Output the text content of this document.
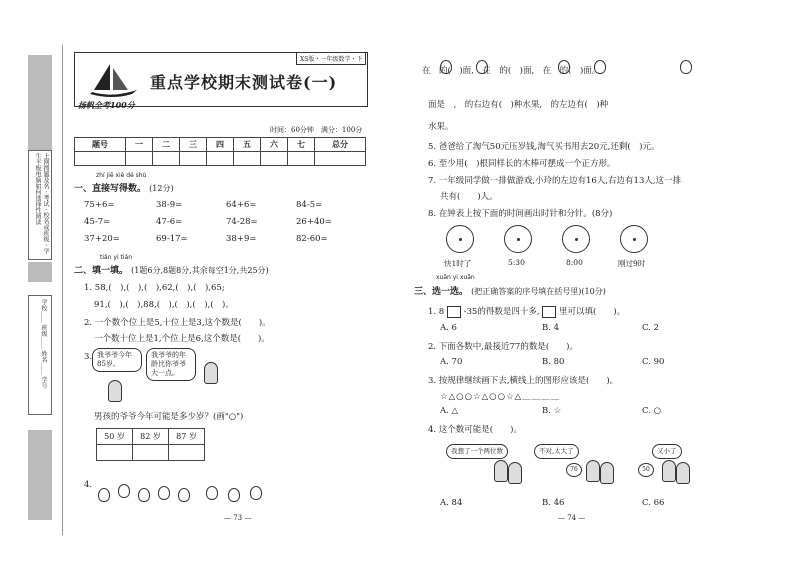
上网搜题及名 · 考试 · 校名或班级 · 学生平板电脑如何选择性阅读
学校＿＿ 班级＿＿ 姓名＿＿ 学号
重点学校期末测试卷(一)
扬帆全考100分
XS版・一年级数学・下
时间：60分钟　满分：100分
题号	一	二	三	四	五	六	七	总分

zhí jiē xiě dé shù
一、直接写得数。 (12分)
75+6=	38-9=	64+6=	84-5=
45-7=	47-6=	74-28=	26+40=
37+20=	69-17=	38+9=	82-60=
tián yi tián
二、填一填。 (1题6分,8题8分,其余每空1分,共25分)
1. 58,(　),(　),(　),62,(　),(　),65;
91,(　),(　),88,(　),(　),(　),(　)。
2. 一个数个位上是5,十位上是3,这个数是(　　)。
一个数十位上是1,个位上是6,这个数是(　　)。
3. 我爷爷今年85岁。
我爷爷的年龄比你爷爷大一点。
男孩的爷爷今年可能是多少岁？(画"○")
50 岁	82 岁	87 岁

4.
— 73 —
在　的(　)面,　在　的(　)面,　在　的(　)面。
面是　,　的右边有(　)种水果,　的左边有(　)种
水果。
5. 爸爸给了淘气50元压岁钱,淘气买书用去20元,还剩(　)元。
6. 至少用(　)根同样长的木棒可摆成一个正方形。
7. 一年级同学做一排做游戏,小玲的左边有16人,右边有13人,这一排
共有(　　)人。
8. 在钟表上按下面的时间画出时针和分针。(8分)
快1时了	5:30	8:00	刚过9时
xuǎn yi xuǎn
三、选一选。 (把正确答案的序号填在括号里)(10分)
1. 8 -35的得数是四十多, 里可以填(　　)。
A. 6	B. 4	C. 2
2. 下面各数中,最接近77的数是(　　)。
A. 70	B. 80	C. 90
3. 按规律继续画下去,横线上的图形应该是(　　)。
☆△○○☆△○○☆△＿＿＿＿
A. △	B. ☆	C. ○
4. 这个数可能是(　　)。
我想了一个两位数	不对,太大了
76
又小了
50
A. 84	B. 46	C. 66
— 74 —
